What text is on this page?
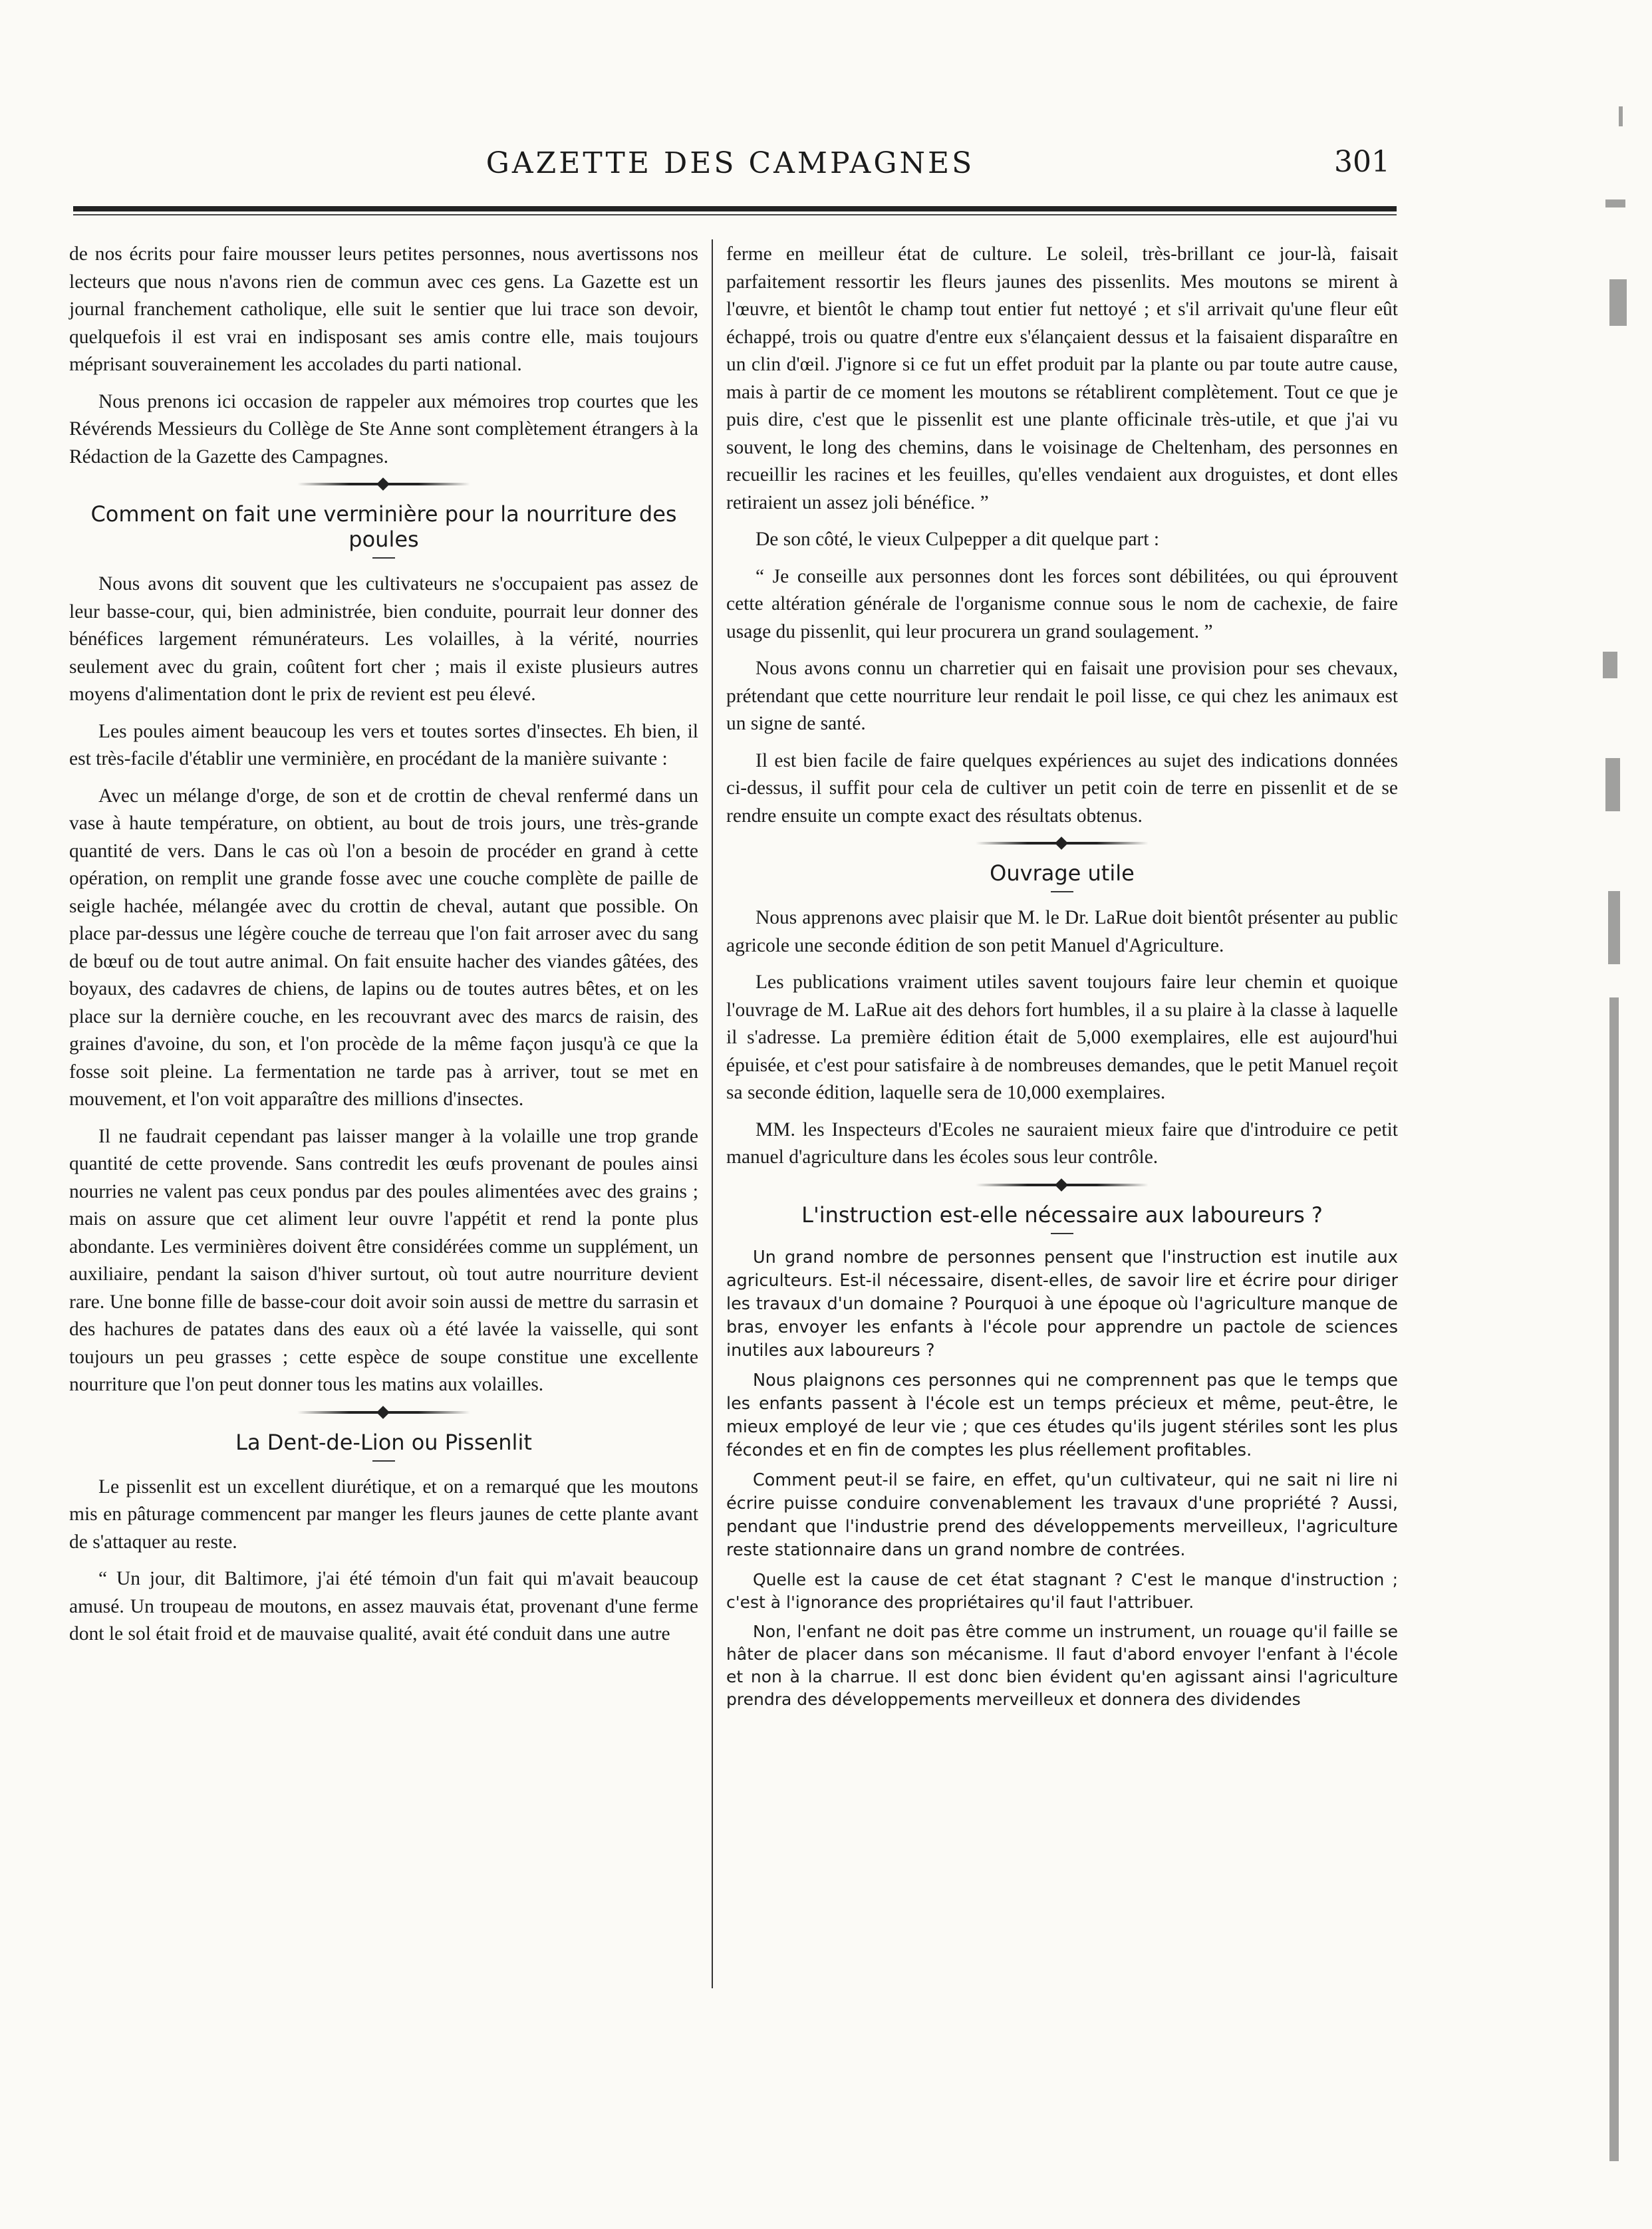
GAZETTE DES CAMPAGNES	301

de nos écrits pour faire mousser leurs petites personnes, nous avertissons nos lecteurs que nous n'avons rien de commun avec ces gens. La Gazette est un journal franchement catholique, elle suit le sentier que lui trace son devoir, quelquefois il est vrai en indisposant ses amis contre elle, mais toujours méprisant souverainement les accolades du parti national.

Nous prenons ici occasion de rappeler aux mémoires trop courtes que les Révérends Messieurs du Collège de Ste Anne sont complètement étrangers à la Rédaction de la Gazette des Campagnes.

Comment on fait une verminière pour la nourriture des poules

Nous avons dit souvent que les cultivateurs ne s'occupaient pas assez de leur basse-cour, qui, bien administrée, bien conduite, pourrait leur donner des bénéfices largement rémunérateurs. Les volailles, à la vérité, nourries seulement avec du grain, coûtent fort cher ; mais il existe plusieurs autres moyens d'alimentation dont le prix de revient est peu élevé.

Les poules aiment beaucoup les vers et toutes sortes d'insectes. Eh bien, il est très-facile d'établir une verminière, en procédant de la manière suivante :

Avec un mélange d'orge, de son et de crottin de cheval renfermé dans un vase à haute température, on obtient, au bout de trois jours, une très-grande quantité de vers. Dans le cas où l'on a besoin de procéder en grand à cette opération, on remplit une grande fosse avec une couche complète de paille de seigle hachée, mélangée avec du crottin de cheval, autant que possible. On place par-dessus une légère couche de terreau que l'on fait arroser avec du sang de bœuf ou de tout autre animal. On fait ensuite hacher des viandes gâtées, des boyaux, des cadavres de chiens, de lapins ou de toutes autres bêtes, et on les place sur la dernière couche, en les recouvrant avec des marcs de raisin, des graines d'avoine, du son, et l'on procède de la même façon jusqu'à ce que la fosse soit pleine. La fermentation ne tarde pas à arriver, tout se met en mouvement, et l'on voit apparaître des millions d'insectes.

Il ne faudrait cependant pas laisser manger à la volaille une trop grande quantité de cette provende. Sans contredit les œufs provenant de poules ainsi nourries ne valent pas ceux pondus par des poules alimentées avec des grains ; mais on assure que cet aliment leur ouvre l'appétit et rend la ponte plus abondante. Les verminières doivent être considérées comme un supplément, un auxiliaire, pendant la saison d'hiver surtout, où tout autre nourriture devient rare. Une bonne fille de basse-cour doit avoir soin aussi de mettre du sarrasin et des hachures de patates dans des eaux où a été lavée la vaisselle, qui sont toujours un peu grasses ; cette espèce de soupe constitue une excellente nourriture que l'on peut donner tous les matins aux volailles.

La Dent-de-Lion ou Pissenlit

Le pissenlit est un excellent diurétique, et on a remarqué que les moutons mis en pâturage commencent par manger les fleurs jaunes de cette plante avant de s'attaquer au reste.

“ Un jour, dit Baltimore, j'ai été témoin d'un fait qui m'avait beaucoup amusé. Un troupeau de moutons, en assez mauvais état, provenant d'une ferme dont le sol était froid et de mauvaise qualité, avait été conduit dans une autre

ferme en meilleur état de culture. Le soleil, très-brillant ce jour-là, faisait parfaitement ressortir les fleurs jaunes des pissenlits. Mes moutons se mirent à l'œuvre, et bientôt le champ tout entier fut nettoyé ; et s'il arrivait qu'une fleur eût échappé, trois ou quatre d'entre eux s'élançaient dessus et la faisaient disparaître en un clin d'œil. J'ignore si ce fut un effet produit par la plante ou par toute autre cause, mais à partir de ce moment les moutons se rétablirent complètement. Tout ce que je puis dire, c'est que le pissenlit est une plante officinale très-utile, et que j'ai vu souvent, le long des chemins, dans le voisinage de Cheltenham, des personnes en recueillir les racines et les feuilles, qu'elles vendaient aux droguistes, et dont elles retiraient un assez joli bénéfice. ”

De son côté, le vieux Culpepper a dit quelque part :

“ Je conseille aux personnes dont les forces sont débilitées, ou qui éprouvent cette altération générale de l'organisme connue sous le nom de cachexie, de faire usage du pissenlit, qui leur procurera un grand soulagement. ”

Nous avons connu un charretier qui en faisait une provision pour ses chevaux, prétendant que cette nourriture leur rendait le poil lisse, ce qui chez les animaux est un signe de santé.

Il est bien facile de faire quelques expériences au sujet des indications données ci-dessus, il suffit pour cela de cultiver un petit coin de terre en pissenlit et de se rendre ensuite un compte exact des résultats obtenus.

Ouvrage utile

Nous apprenons avec plaisir que M. le Dr. LaRue doit bientôt présenter au public agricole une seconde édition de son petit Manuel d'Agriculture.

Les publications vraiment utiles savent toujours faire leur chemin et quoique l'ouvrage de M. LaRue ait des dehors fort humbles, il a su plaire à la classe à laquelle il s'adresse. La première édition était de 5,000 exemplaires, elle est aujourd'hui épuisée, et c'est pour satisfaire à de nombreuses demandes, que le petit Manuel reçoit sa seconde édition, laquelle sera de 10,000 exemplaires.

MM. les Inspecteurs d'Ecoles ne sauraient mieux faire que d'introduire ce petit manuel d'agriculture dans les écoles sous leur contrôle.

L'instruction est-elle nécessaire aux laboureurs ?

Un grand nombre de personnes pensent que l'instruction est inutile aux agriculteurs. Est-il nécessaire, disent-elles, de savoir lire et écrire pour diriger les travaux d'un domaine ? Pourquoi à une époque où l'agriculture manque de bras, envoyer les enfants à l'école pour apprendre un pactole de sciences inutiles aux laboureurs ?

Nous plaignons ces personnes qui ne comprennent pas que le temps que les enfants passent à l'école est un temps précieux et même, peut-être, le mieux employé de leur vie ; que ces études qu'ils jugent stériles sont les plus fécondes et en fin de comptes les plus réellement profitables.

Comment peut-il se faire, en effet, qu'un cultivateur, qui ne sait ni lire ni écrire puisse conduire convenablement les travaux d'une propriété ? Aussi, pendant que l'industrie prend des développements merveilleux, l'agriculture reste stationnaire dans un grand nombre de contrées.

Quelle est la cause de cet état stagnant ? C'est le manque d'instruction ; c'est à l'ignorance des propriétaires qu'il faut l'attribuer.

Non, l'enfant ne doit pas être comme un instrument, un rouage qu'il faille se hâter de placer dans son mécanisme. Il faut d'abord envoyer l'enfant à l'école et non à la charrue. Il est donc bien évident qu'en agissant ainsi l'agriculture prendra des développements merveilleux et donnera des dividendes
